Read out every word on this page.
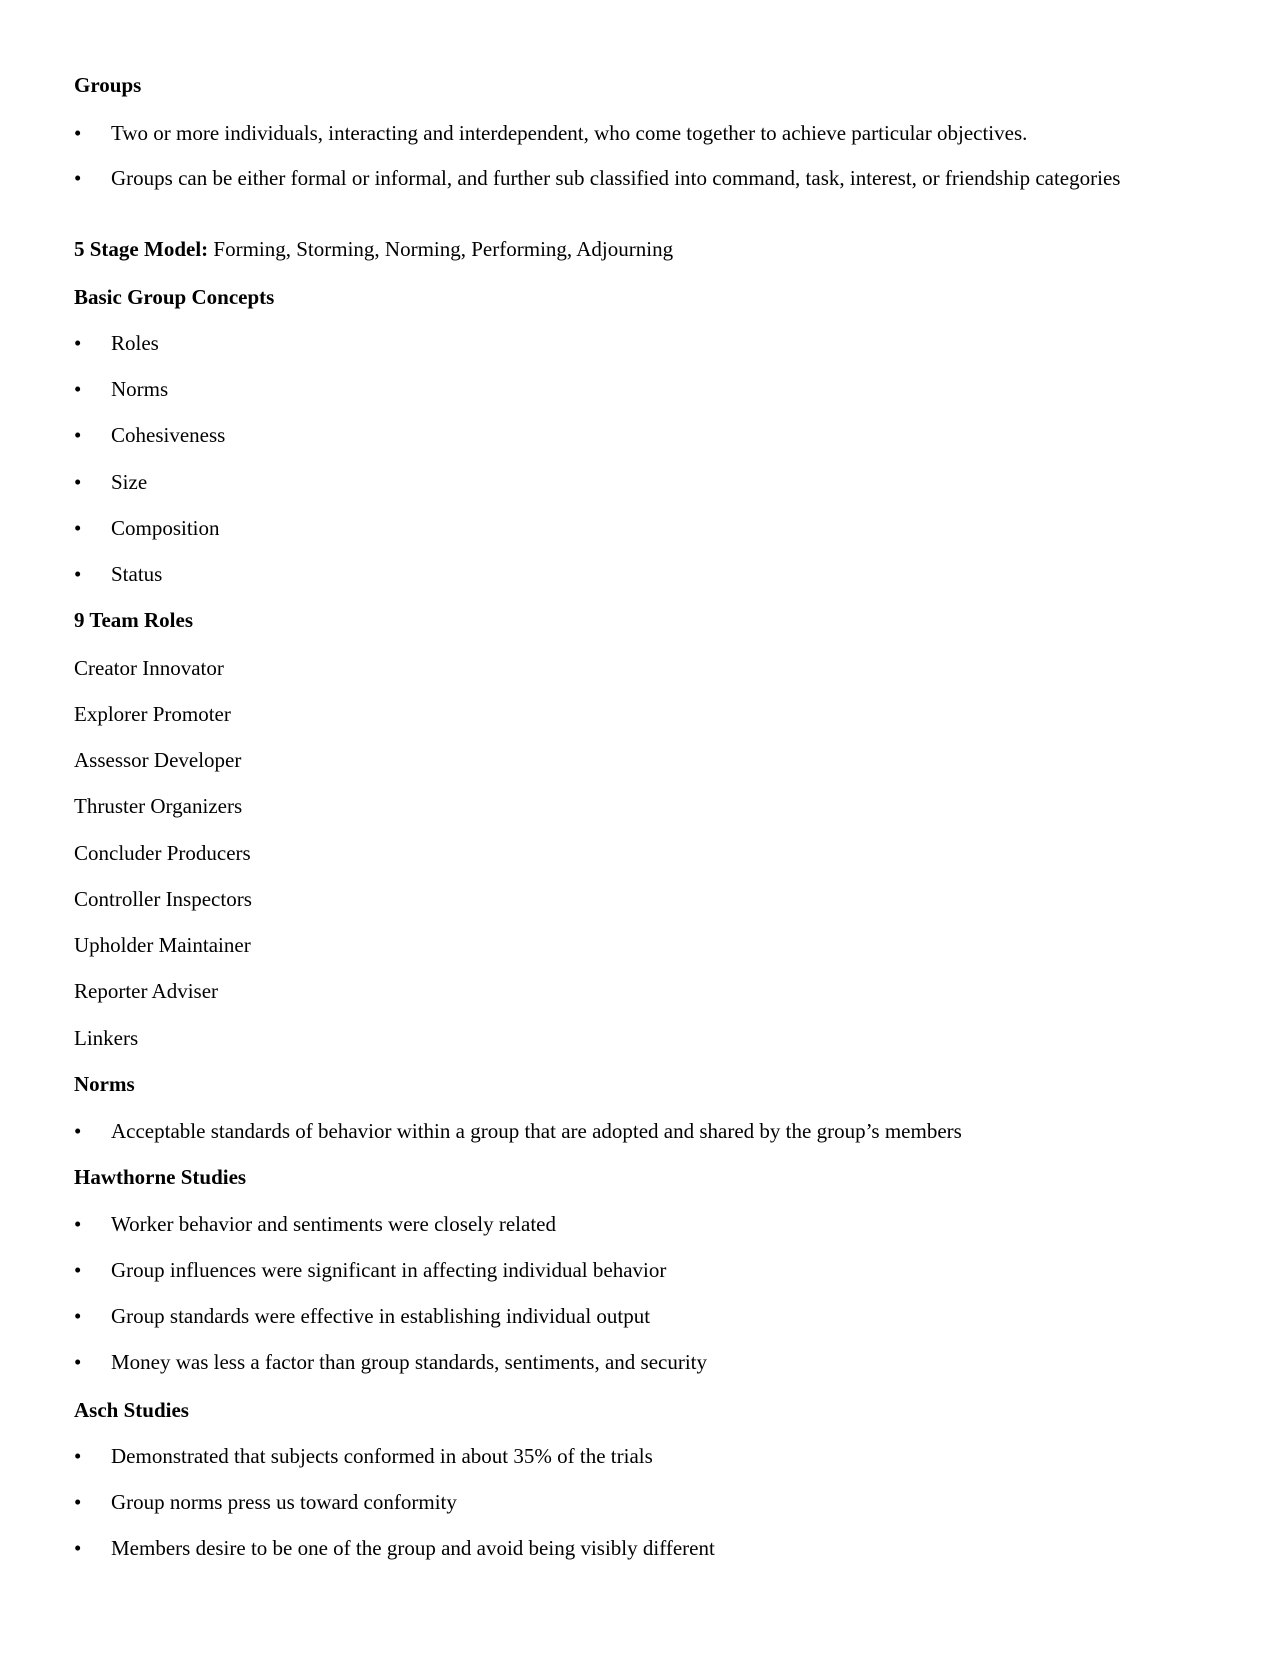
Groups
• Two or more individuals, interacting and interdependent, who come together to achieve particular objectives.
• Groups can be either formal or informal, and further sub classified into command, task, interest, or friendship categories
5 Stage Model: Forming, Storming, Norming, Performing, Adjourning
Basic Group Concepts
• Roles
• Norms
• Cohesiveness
• Size
• Composition
• Status
9 Team Roles
Creator Innovator
Explorer Promoter
Assessor Developer
Thruster Organizers
Concluder Producers
Controller Inspectors
Upholder Maintainer
Reporter Adviser
Linkers
Norms
• Acceptable standards of behavior within a group that are adopted and shared by the group’s members
Hawthorne Studies
• Worker behavior and sentiments were closely related
• Group influences were significant in affecting individual behavior
• Group standards were effective in establishing individual output
• Money was less a factor than group standards, sentiments, and security
Asch Studies
• Demonstrated that subjects conformed in about 35% of the trials
• Group norms press us toward conformity
• Members desire to be one of the group and avoid being visibly different
